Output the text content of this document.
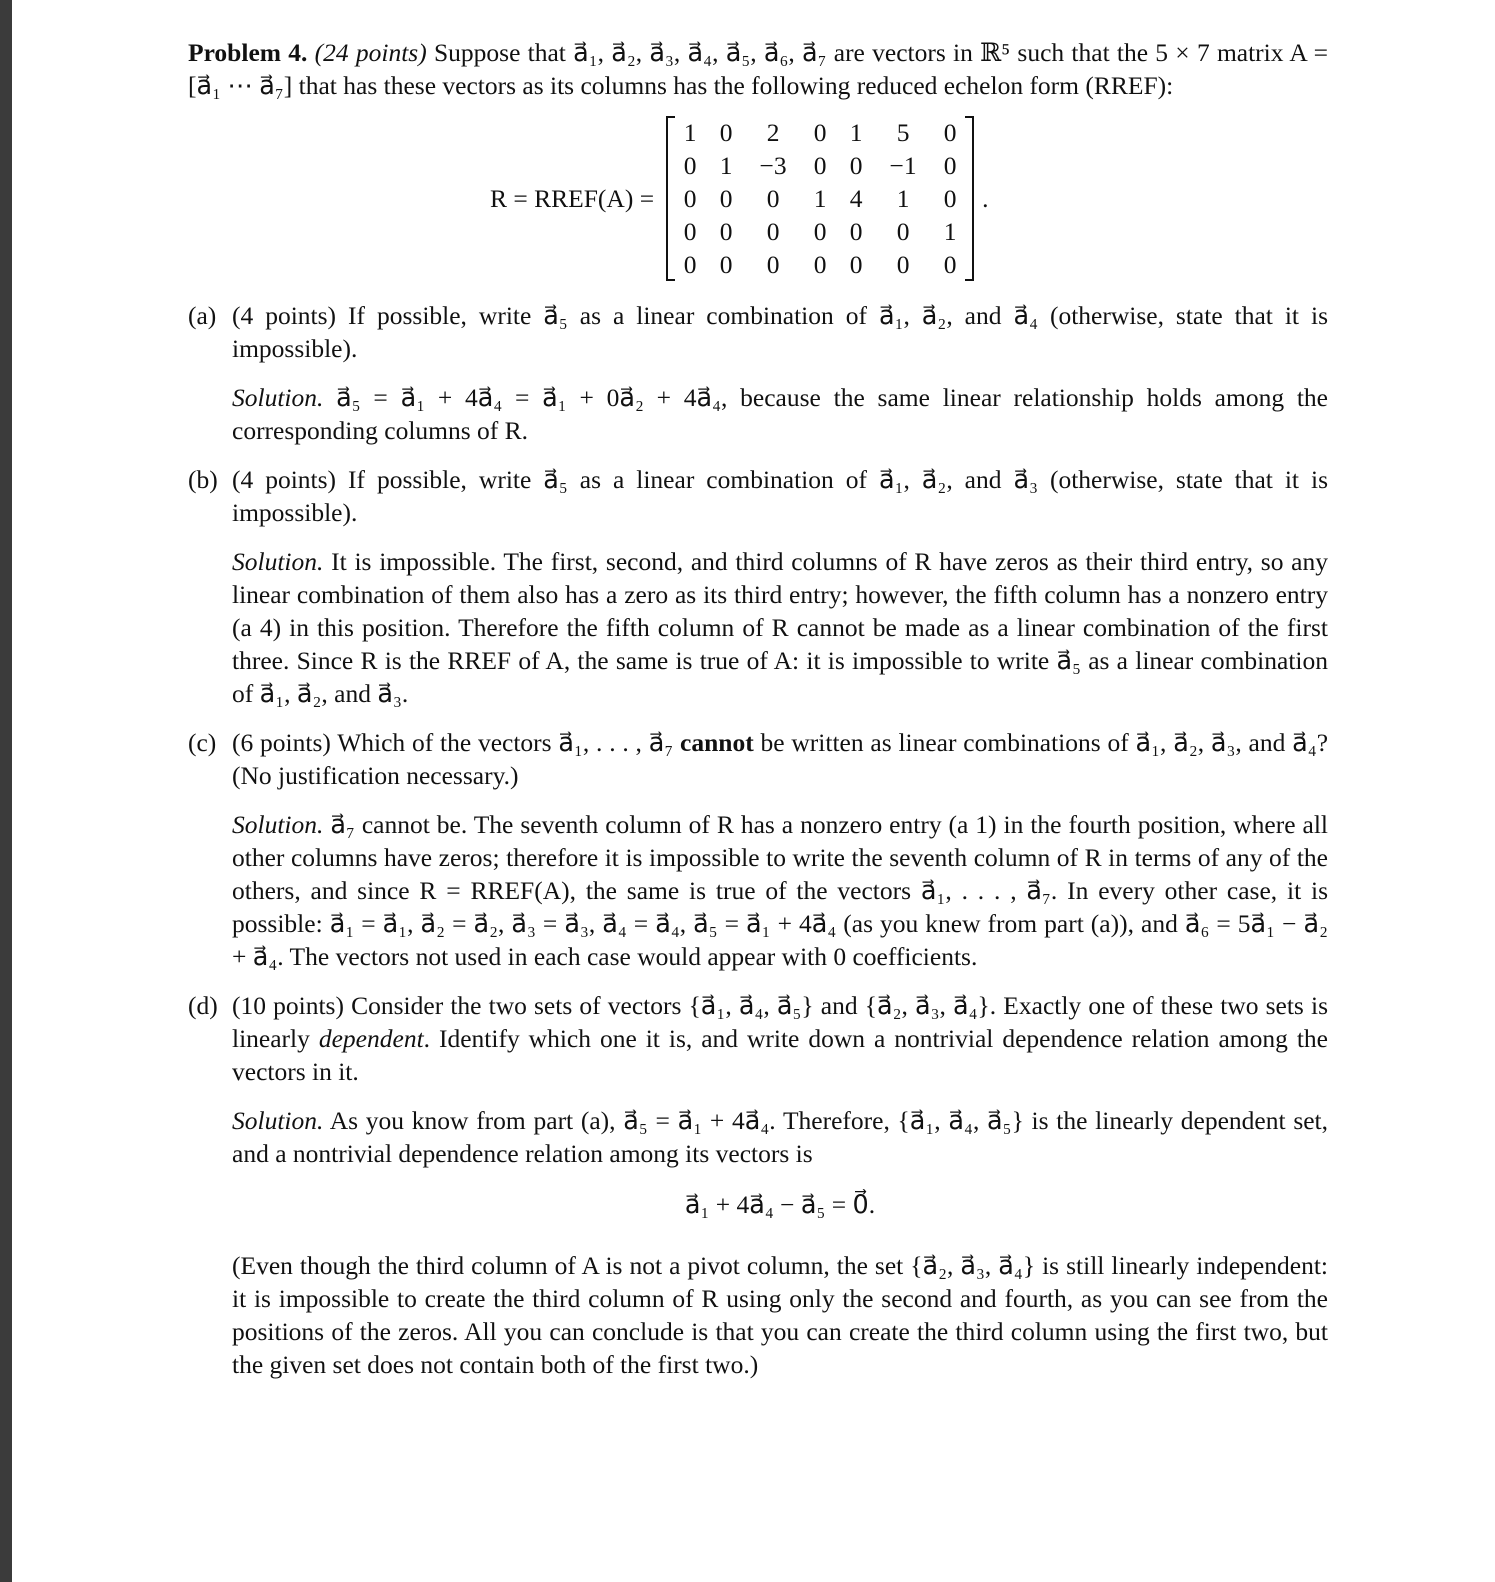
Problem 4. (24 points) Suppose that a⃗₁, a⃗₂, a⃗₃, a⃗₄, a⃗₅, a⃗₆, a⃗₇ are vectors in ℝ⁵ such that the 5 × 7 matrix A = [a⃗₁ ⋯ a⃗₇] that has these vectors as its columns has the following reduced echelon form (RREF):

R = RREF(A) =
1	0	2	0	1	5	0
0	1	−3	0	0	−1	0
0	0	0	1	4	1	0
0	0	0	0	0	0	1
0	0	0	0	0	0	0
.
(a) (4 points) If possible, write a⃗₅ as a linear combination of a⃗₁, a⃗₂, and a⃗₄ (otherwise, state that it is impossible).

Solution. a⃗₅ = a⃗₁ + 4a⃗₄ = a⃗₁ + 0a⃗₂ + 4a⃗₄, because the same linear relationship holds among the corresponding columns of R.

(b) (4 points) If possible, write a⃗₅ as a linear combination of a⃗₁, a⃗₂, and a⃗₃ (otherwise, state that it is impossible).

Solution. It is impossible. The first, second, and third columns of R have zeros as their third entry, so any linear combination of them also has a zero as its third entry; however, the fifth column has a nonzero entry (a 4) in this position. Therefore the fifth column of R cannot be made as a linear combination of the first three. Since R is the RREF of A, the same is true of A: it is impossible to write a⃗₅ as a linear combination of a⃗₁, a⃗₂, and a⃗₃.

(c) (6 points) Which of the vectors a⃗₁, . . . , a⃗₇ cannot be written as linear combinations of a⃗₁, a⃗₂, a⃗₃, and a⃗₄? (No justification necessary.)

Solution. a⃗₇ cannot be. The seventh column of R has a nonzero entry (a 1) in the fourth position, where all other columns have zeros; therefore it is impossible to write the seventh column of R in terms of any of the others, and since R = RREF(A), the same is true of the vectors a⃗₁, . . . , a⃗₇. In every other case, it is possible: a⃗₁ = a⃗₁, a⃗₂ = a⃗₂, a⃗₃ = a⃗₃, a⃗₄ = a⃗₄, a⃗₅ = a⃗₁ + 4a⃗₄ (as you knew from part (a)), and a⃗₆ = 5a⃗₁ − a⃗₂ + a⃗₄. The vectors not used in each case would appear with 0 coefficients.

(d) (10 points) Consider the two sets of vectors {a⃗₁, a⃗₄, a⃗₅} and {a⃗₂, a⃗₃, a⃗₄}. Exactly one of these two sets is linearly dependent. Identify which one it is, and write down a nontrivial dependence relation among the vectors in it.

Solution. As you know from part (a), a⃗₅ = a⃗₁ + 4a⃗₄. Therefore, {a⃗₁, a⃗₄, a⃗₅} is the linearly dependent set, and a nontrivial dependence relation among its vectors is

a⃗₁ + 4a⃗₄ − a⃗₅ = 0⃗.

(Even though the third column of A is not a pivot column, the set {a⃗₂, a⃗₃, a⃗₄} is still linearly independent: it is impossible to create the third column of R using only the second and fourth, as you can see from the positions of the zeros. All you can conclude is that you can create the third column using the first two, but the given set does not contain both of the first two.)
